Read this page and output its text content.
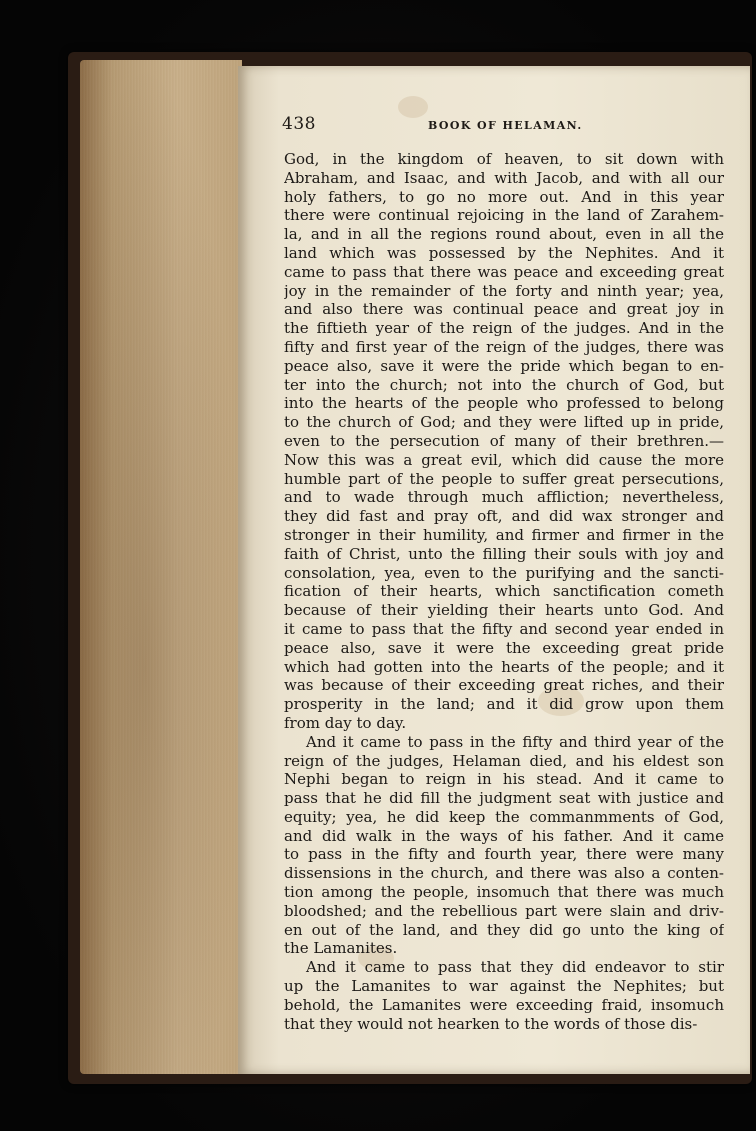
438	BOOK OF HELAMAN.
God, in the kingdom of heaven, to sit down with
Abraham, and Isaac, and with Jacob, and with all our
holy fathers, to go no more out. And in this year
there were continual rejoicing in the land of Zarahem-
la, and in all the regions round about, even in all the
land which was possessed by the Nephites. And it
came to pass that there was peace and exceeding great
joy in the remainder of the forty and ninth year; yea,
and also there was continual peace and great joy in
the fiftieth year of the reign of the judges. And in the
fifty and first year of the reign of the judges, there was
peace also, save it were the pride which began to en-
ter into the church; not into the church of God, but
into the hearts of the people who professed to belong
to the church of God; and they were lifted up in pride,
even to the persecution of many of their brethren.—
Now this was a great evil, which did cause the more
humble part of the people to suffer great persecutions,
and to wade through much affliction; nevertheless,
they did fast and pray oft, and did wax stronger and
stronger in their humility, and firmer and firmer in the
faith of Christ, unto the filling their souls with joy and
consolation, yea, even to the purifying and the sancti-
fication of their hearts, which sanctification cometh
because of their yielding their hearts unto God. And
it came to pass that the fifty and second year ended in
peace also, save it were the exceeding great pride
which had gotten into the hearts of the people; and it
was because of their exceeding great riches, and their
prosperity in the land; and it did grow upon them
from day to day.
And it came to pass in the fifty and third year of the
reign of the judges, Helaman died, and his eldest son
Nephi began to reign in his stead. And it came to
pass that he did fill the judgment seat with justice and
equity; yea, he did keep the commanmments of God,
and did walk in the ways of his father. And it came
to pass in the fifty and fourth year, there were many
dissensions in the church, and there was also a conten-
tion among the people, insomuch that there was much
bloodshed; and the rebellious part were slain and driv-
en out of the land, and they did go unto the king of
the Lamanites.
And it came to pass that they did endeavor to stir
up the Lamanites to war against the Nephites; but
behold, the Lamanites were exceeding fraid, insomuch
that they would not hearken to the words of those dis-
